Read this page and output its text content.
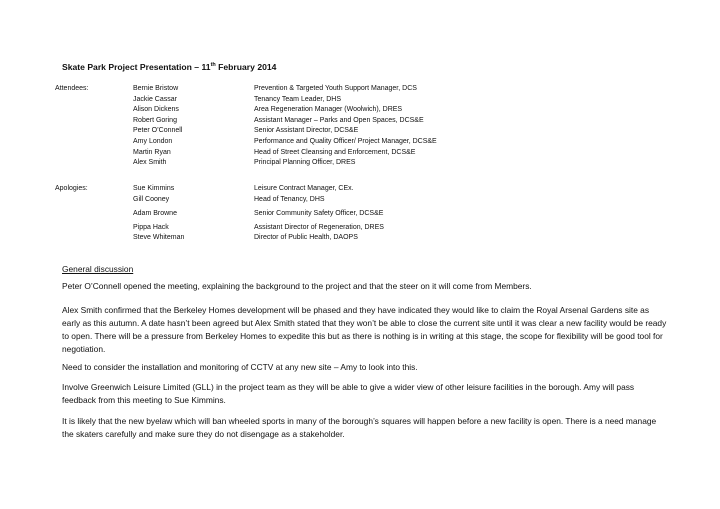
Skate Park Project Presentation – 11th February 2014
Attendees:	Bernie Bristow	Prevention & Targeted Youth Support Manager, DCS
Jackie Cassar	Tenancy Team Leader, DHS
Alison Dickens	Area Regeneration Manager (Woolwich), DRES
Robert Goring	Assistant Manager – Parks and Open Spaces, DCS&E
Peter O’Connell	Senior Assistant Director, DCS&E
Amy London	Performance and Quality Officer/ Project Manager, DCS&E
Martin Ryan	Head of Street Cleansing and Enforcement, DCS&E
Alex Smith	Principal Planning Officer, DRES
Apologies:	Sue Kimmins	Leisure Contract Manager, CEx.
Gill Cooney	Head of Tenancy, DHS
Adam Browne	Senior Community Safety Officer, DCS&E
Pippa Hack	Assistant Director of Regeneration, DRES
Steve Whiteman	Director of Public Health, DAOPS
General discussion

Peter O’Connell opened the meeting, explaining the background to the project and that the steer on it will come from Members.

Alex Smith confirmed that the Berkeley Homes development will be phased and they have indicated they would like to claim the Royal Arsenal Gardens site as early as this autumn. A date hasn’t been agreed but Alex Smith stated that they won’t be able to close the current site until it was clear a new facility would be ready to open. There will be a pressure from Berkeley Homes to expedite this but as there is nothing is in writing at this stage, the scope for flexibility will be good tool for negotiation.

Need to consider the installation and monitoring of CCTV at any new site – Amy to look into this.

Involve Greenwich Leisure Limited (GLL) in the project team as they will be able to give a wider view of other leisure facilities in the borough. Amy will pass feedback from this meeting to Sue Kimmins.

It is likely that the new byelaw which will ban wheeled sports in many of the borough’s squares will happen before a new facility is open. There is a need manage the skaters carefully and make sure they do not disengage as a stakeholder.
